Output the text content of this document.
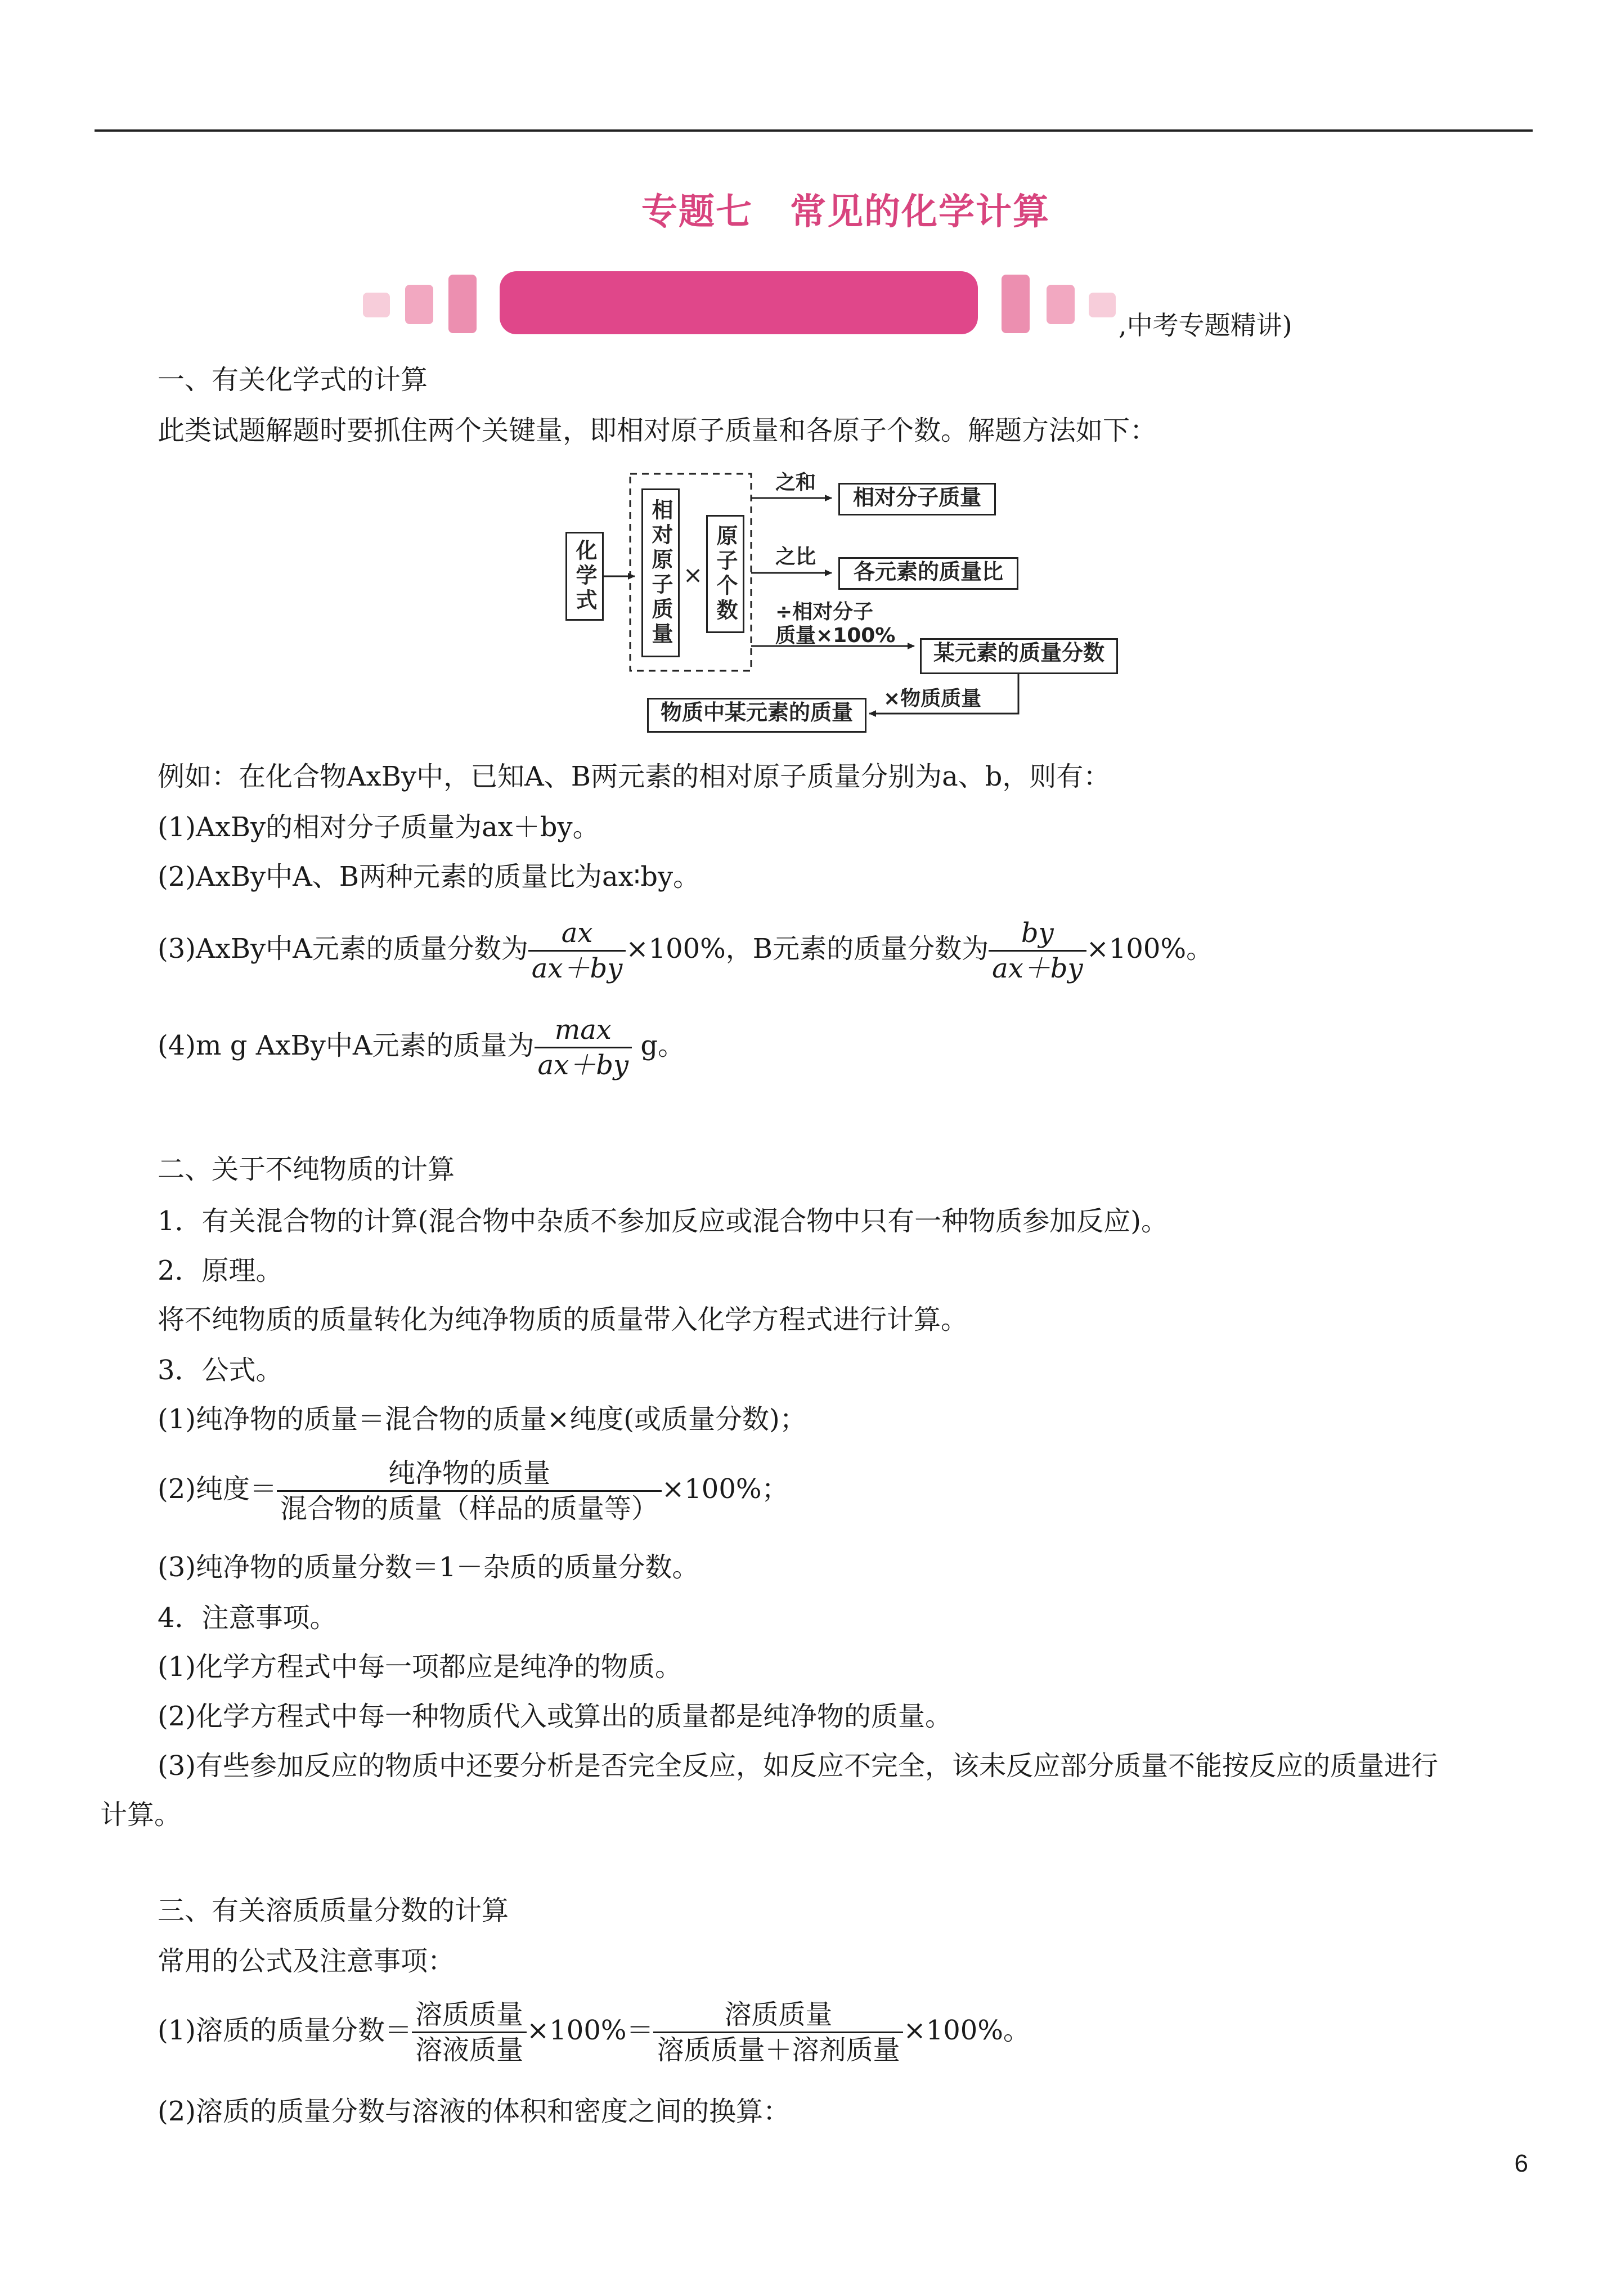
专题七　常见的化学计算
,中考专题精讲)
一、有关化学式的计算
此类试题解题时要抓住两个关键量，即相对原子质量和各原子个数。解题方法如下：
化学式	相对原子质量 × 原子个数
之和
相对分子质量
之比
各元素的质量比
÷相对分子
质量×100%
某元素的质量分数
×物质质量
物质中某元素的质量
例如：在化合物AxBy中，已知A、B两元素的相对原子质量分别为a、b，则有：
(1)AxBy的相对分子质量为ax＋by。
(2)AxBy中A、B两种元素的质量比为ax∶by。
(3)AxBy中A元素的质量分数为 $\frac{ax}{ax+by} \times 100\%$，B元素的质量分数为 $\frac{by}{ax+by} \times 100\%$。
(4)m g AxBy中A元素的质量为 $\frac{\max}{ax+by}$ g。
二、关于不纯物质的计算
1．有关混合物的计算(混合物中杂质不参加反应或混合物中只有一种物质参加反应)。
2．原理。
将不纯物质的质量转化为纯净物质的质量带入化学方程式进行计算。
3．公式。
(1)纯净物的质量＝混合物的质量×纯度(或质量分数)；
(2)纯度＝ $\frac{\text{纯净物的质量}}{\text{混合物的质量（样品的质量等）}} \times 100\%$；
(3)纯净物的质量分数＝1－杂质的质量分数。
4．注意事项。
(1)化学方程式中每一项都应是纯净的物质。
(2)化学方程式中每一种物质代入或算出的质量都是纯净物的质量。
(3)有些参加反应的物质中还要分析是否完全反应，如反应不完全，该未反应部分质量不能按反应的质量进行
计算。
三、有关溶质质量分数的计算
常用的公式及注意事项：
(1)溶质的质量分数＝ $\frac{\text{溶质质量}}{\text{溶液质量}} \times 100\%= \frac{\text{溶质质量}}{\text{溶质质量＋溶剂质量}} \times 100\%$。
(2)溶质的质量分数与溶液的体积和密度之间的换算：
6
